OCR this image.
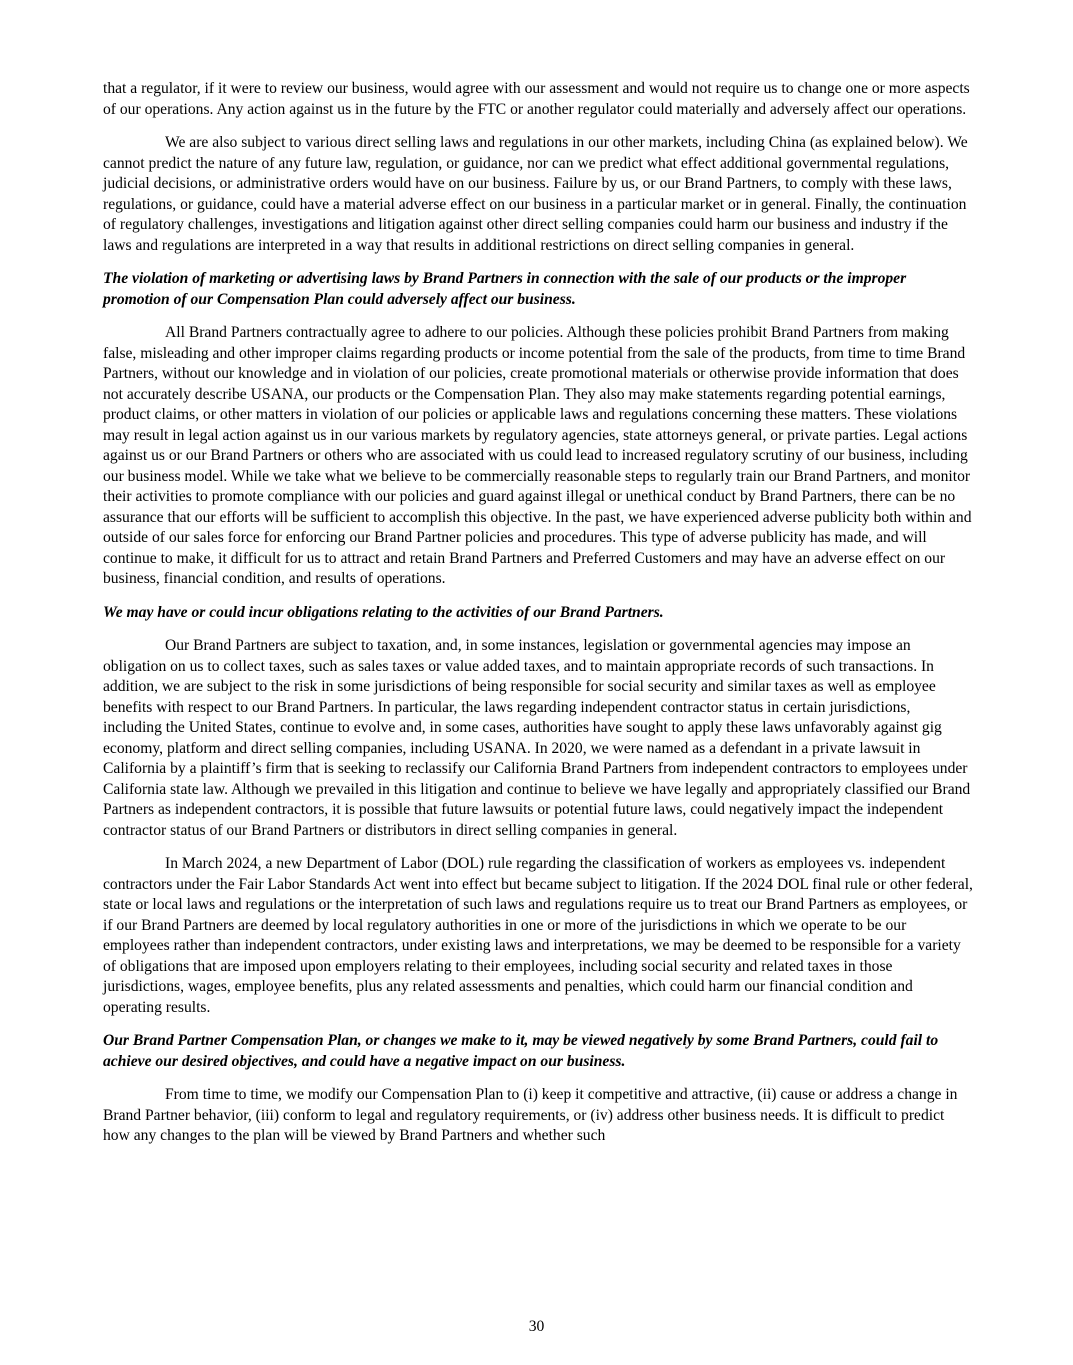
that a regulator, if it were to review our business, would agree with our assessment and would not require us to change one or more aspects of our operations. Any action against us in the future by the FTC or another regulator could materially and adversely affect our operations.

We are also subject to various direct selling laws and regulations in our other markets, including China (as explained below). We cannot predict the nature of any future law, regulation, or guidance, nor can we predict what effect additional governmental regulations, judicial decisions, or administrative orders would have on our business. Failure by us, or our Brand Partners, to comply with these laws, regulations, or guidance, could have a material adverse effect on our business in a particular market or in general. Finally, the continuation of regulatory challenges, investigations and litigation against other direct selling companies could harm our business and industry if the laws and regulations are interpreted in a way that results in additional restrictions on direct selling companies in general.

The violation of marketing or advertising laws by Brand Partners in connection with the sale of our products or the improper promotion of our Compensation Plan could adversely affect our business.

All Brand Partners contractually agree to adhere to our policies. Although these policies prohibit Brand Partners from making false, misleading and other improper claims regarding products or income potential from the sale of the products, from time to time Brand Partners, without our knowledge and in violation of our policies, create promotional materials or otherwise provide information that does not accurately describe USANA, our products or the Compensation Plan. They also may make statements regarding potential earnings, product claims, or other matters in violation of our policies or applicable laws and regulations concerning these matters. These violations may result in legal action against us in our various markets by regulatory agencies, state attorneys general, or private parties. Legal actions against us or our Brand Partners or others who are associated with us could lead to increased regulatory scrutiny of our business, including our business model. While we take what we believe to be commercially reasonable steps to regularly train our Brand Partners, and monitor their activities to promote compliance with our policies and guard against illegal or unethical conduct by Brand Partners, there can be no assurance that our efforts will be sufficient to accomplish this objective. In the past, we have experienced adverse publicity both within and outside of our sales force for enforcing our Brand Partner policies and procedures. This type of adverse publicity has made, and will continue to make, it difficult for us to attract and retain Brand Partners and Preferred Customers and may have an adverse effect on our business, financial condition, and results of operations.

We may have or could incur obligations relating to the activities of our Brand Partners.

Our Brand Partners are subject to taxation, and, in some instances, legislation or governmental agencies may impose an obligation on us to collect taxes, such as sales taxes or value added taxes, and to maintain appropriate records of such transactions. In addition, we are subject to the risk in some jurisdictions of being responsible for social security and similar taxes as well as employee benefits with respect to our Brand Partners. In particular, the laws regarding independent contractor status in certain jurisdictions, including the United States, continue to evolve and, in some cases, authorities have sought to apply these laws unfavorably against gig economy, platform and direct selling companies, including USANA. In 2020, we were named as a defendant in a private lawsuit in California by a plaintiff’s firm that is seeking to reclassify our California Brand Partners from independent contractors to employees under California state law. Although we prevailed in this litigation and continue to believe we have legally and appropriately classified our Brand Partners as independent contractors, it is possible that future lawsuits or potential future laws, could negatively impact the independent contractor status of our Brand Partners or distributors in direct selling companies in general.

In March 2024, a new Department of Labor (DOL) rule regarding the classification of workers as employees vs. independent contractors under the Fair Labor Standards Act went into effect but became subject to litigation. If the 2024 DOL final rule or other federal, state or local laws and regulations or the interpretation of such laws and regulations require us to treat our Brand Partners as employees, or if our Brand Partners are deemed by local regulatory authorities in one or more of the jurisdictions in which we operate to be our employees rather than independent contractors, under existing laws and interpretations, we may be deemed to be responsible for a variety of obligations that are imposed upon employers relating to their employees, including social security and related taxes in those jurisdictions, wages, employee benefits, plus any related assessments and penalties, which could harm our financial condition and operating results.

Our Brand Partner Compensation Plan, or changes we make to it, may be viewed negatively by some Brand Partners, could fail to achieve our desired objectives, and could have a negative impact on our business.

From time to time, we modify our Compensation Plan to (i) keep it competitive and attractive, (ii) cause or address a change in Brand Partner behavior, (iii) conform to legal and regulatory requirements, or (iv) address other business needs. It is difficult to predict how any changes to the plan will be viewed by Brand Partners and whether such

30
